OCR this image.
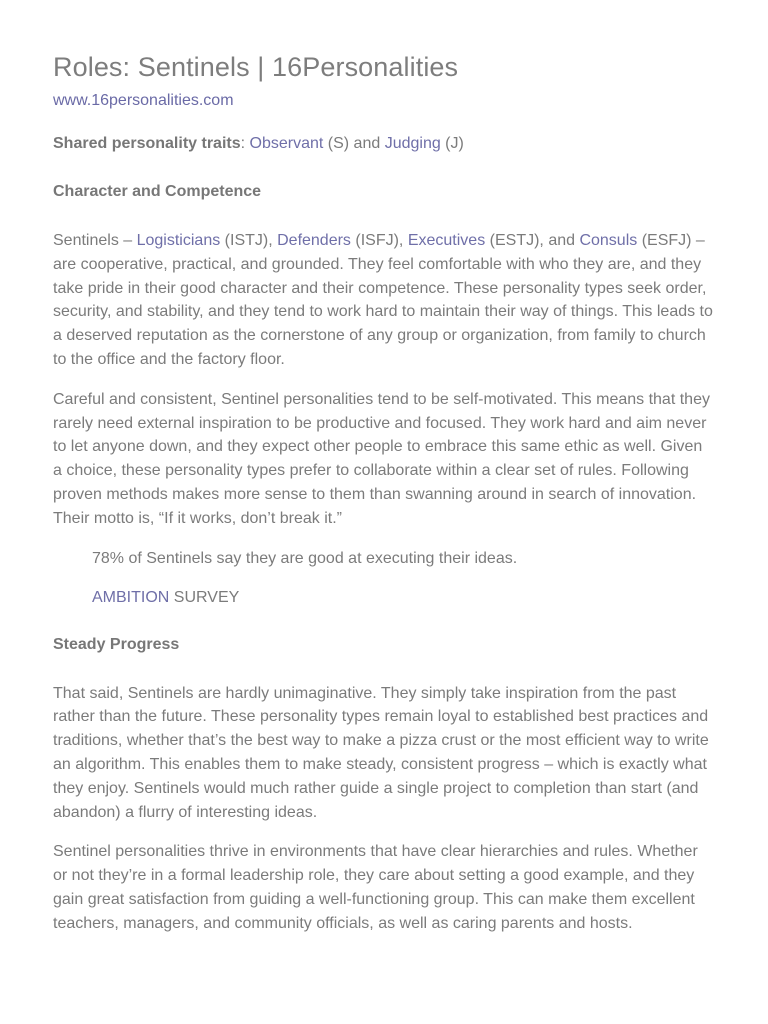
Roles: Sentinels | 16Personalities
www.16personalities.com

Shared personality traits: Observant (S) and Judging (J)

Character and Competence

Sentinels – Logisticians (ISTJ), Defenders (ISFJ), Executives (ESTJ), and Consuls (ESFJ) – are cooperative, practical, and grounded. They feel comfortable with who they are, and they take pride in their good character and their competence. These personality types seek order, security, and stability, and they tend to work hard to maintain their way of things. This leads to a deserved reputation as the cornerstone of any group or organization, from family to church to the office and the factory floor.

Careful and consistent, Sentinel personalities tend to be self-motivated. This means that they rarely need external inspiration to be productive and focused. They work hard and aim never to let anyone down, and they expect other people to embrace this same ethic as well. Given a choice, these personality types prefer to collaborate within a clear set of rules. Following proven methods makes more sense to them than swanning around in search of innovation. Their motto is, “If it works, don’t break it.”

78% of Sentinels say they are good at executing their ideas.

AMBITION SURVEY

Steady Progress

That said, Sentinels are hardly unimaginative. They simply take inspiration from the past rather than the future. These personality types remain loyal to established best practices and traditions, whether that’s the best way to make a pizza crust or the most efficient way to write an algorithm. This enables them to make steady, consistent progress – which is exactly what they enjoy. Sentinels would much rather guide a single project to completion than start (and abandon) a flurry of interesting ideas.

Sentinel personalities thrive in environments that have clear hierarchies and rules. Whether or not they’re in a formal leadership role, they care about setting a good example, and they gain great satisfaction from guiding a well-functioning group. This can make them excellent teachers, managers, and community officials, as well as caring parents and hosts.
